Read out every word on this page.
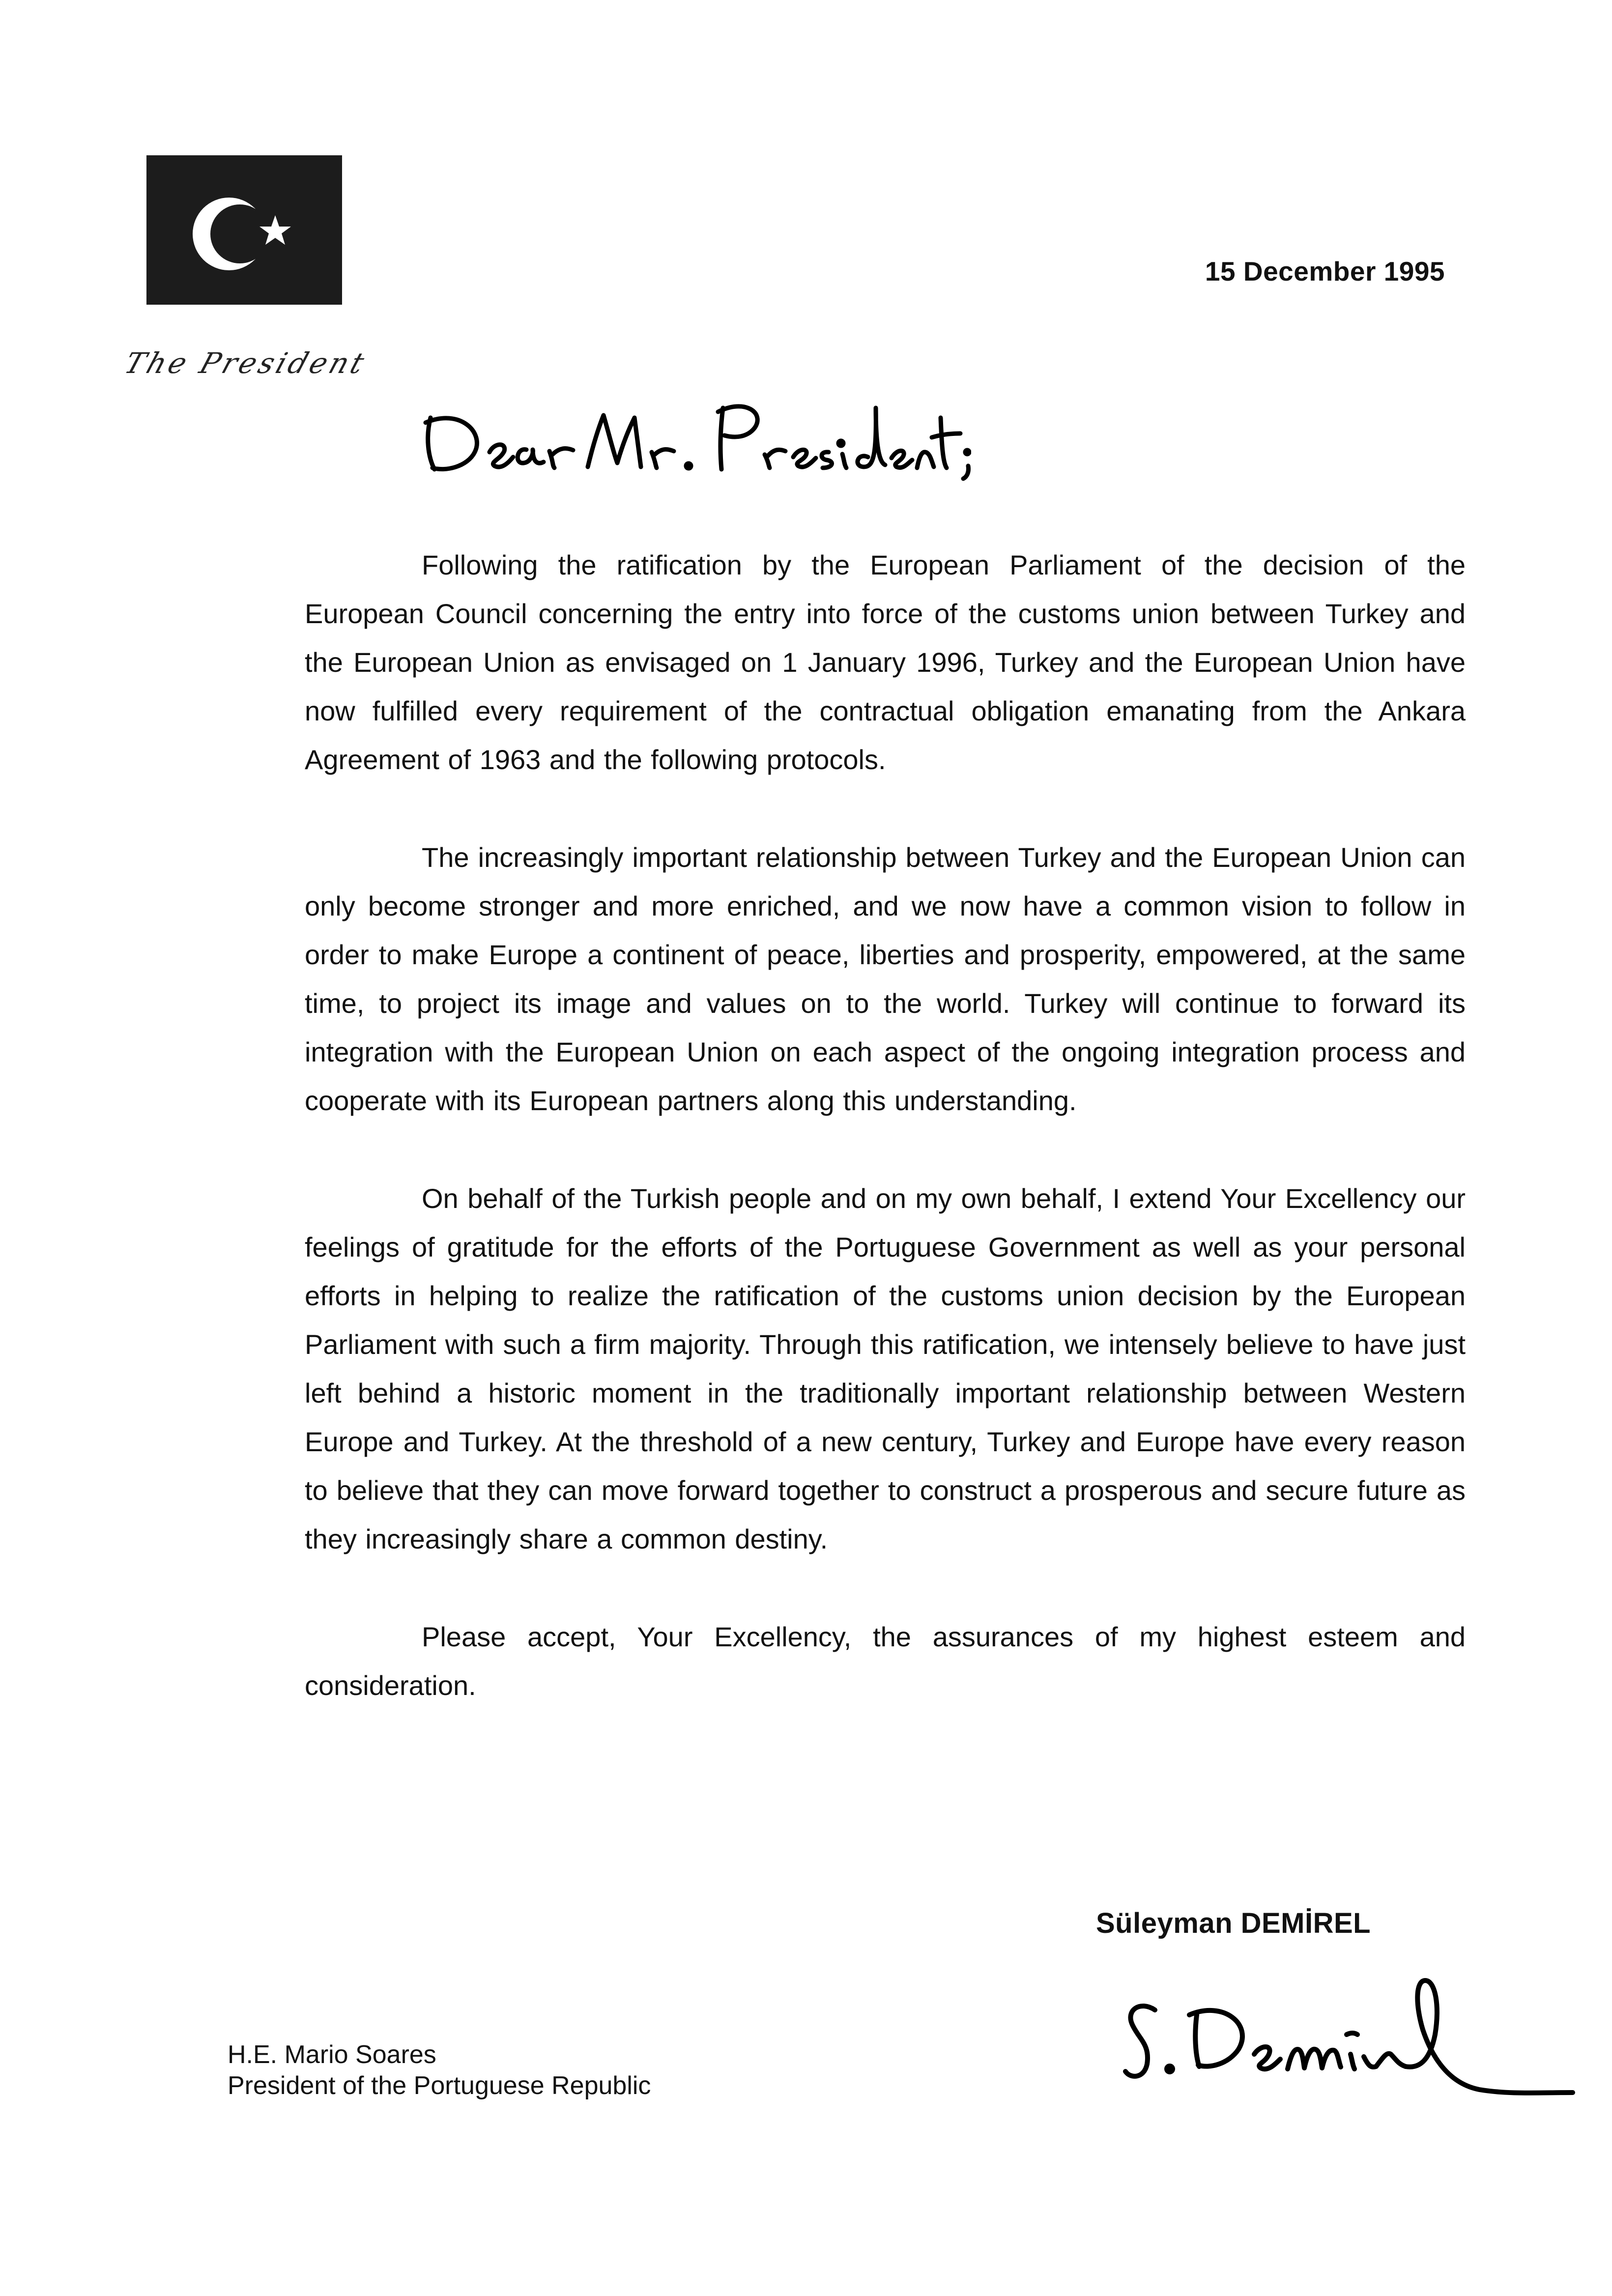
The President
15 December 1995

Following the ratification by the European Parliament of the decision of the European Council concerning the entry into force of the customs union between Turkey and the European Union as envisaged on 1 January 1996, Turkey and the European Union have now fulfilled every requirement of the contractual obligation emanating from the Ankara Agreement of 1963 and the following protocols.

The increasingly important relationship between Turkey and the European Union can only become stronger and more enriched, and we now have a common vision to follow in order to make Europe a continent of peace, liberties and prosperity, empowered, at the same time, to project its image and values on to the world. Turkey will continue to forward its integration with the European Union on each aspect of the ongoing integration process and cooperate with its European partners along this understanding.

On behalf of the Turkish people and on my own behalf, I extend Your Excellency our feelings of gratitude for the efforts of the Portuguese Government as well as your personal efforts in helping to realize the ratification of the customs union decision by the European Parliament with such a firm majority. Through this ratification, we intensely believe to have just left behind a historic moment in the traditionally important relationship between Western Europe and Turkey. At the threshold of a new century, Turkey and Europe have every reason to believe that they can move forward together to construct a prosperous and secure future as they increasingly share a common destiny.

Please accept, Your Excellency, the assurances of my highest esteem and consideration.

Süleyman DEMİREL
H.E. Mario Soares
President of the Portuguese Republic
